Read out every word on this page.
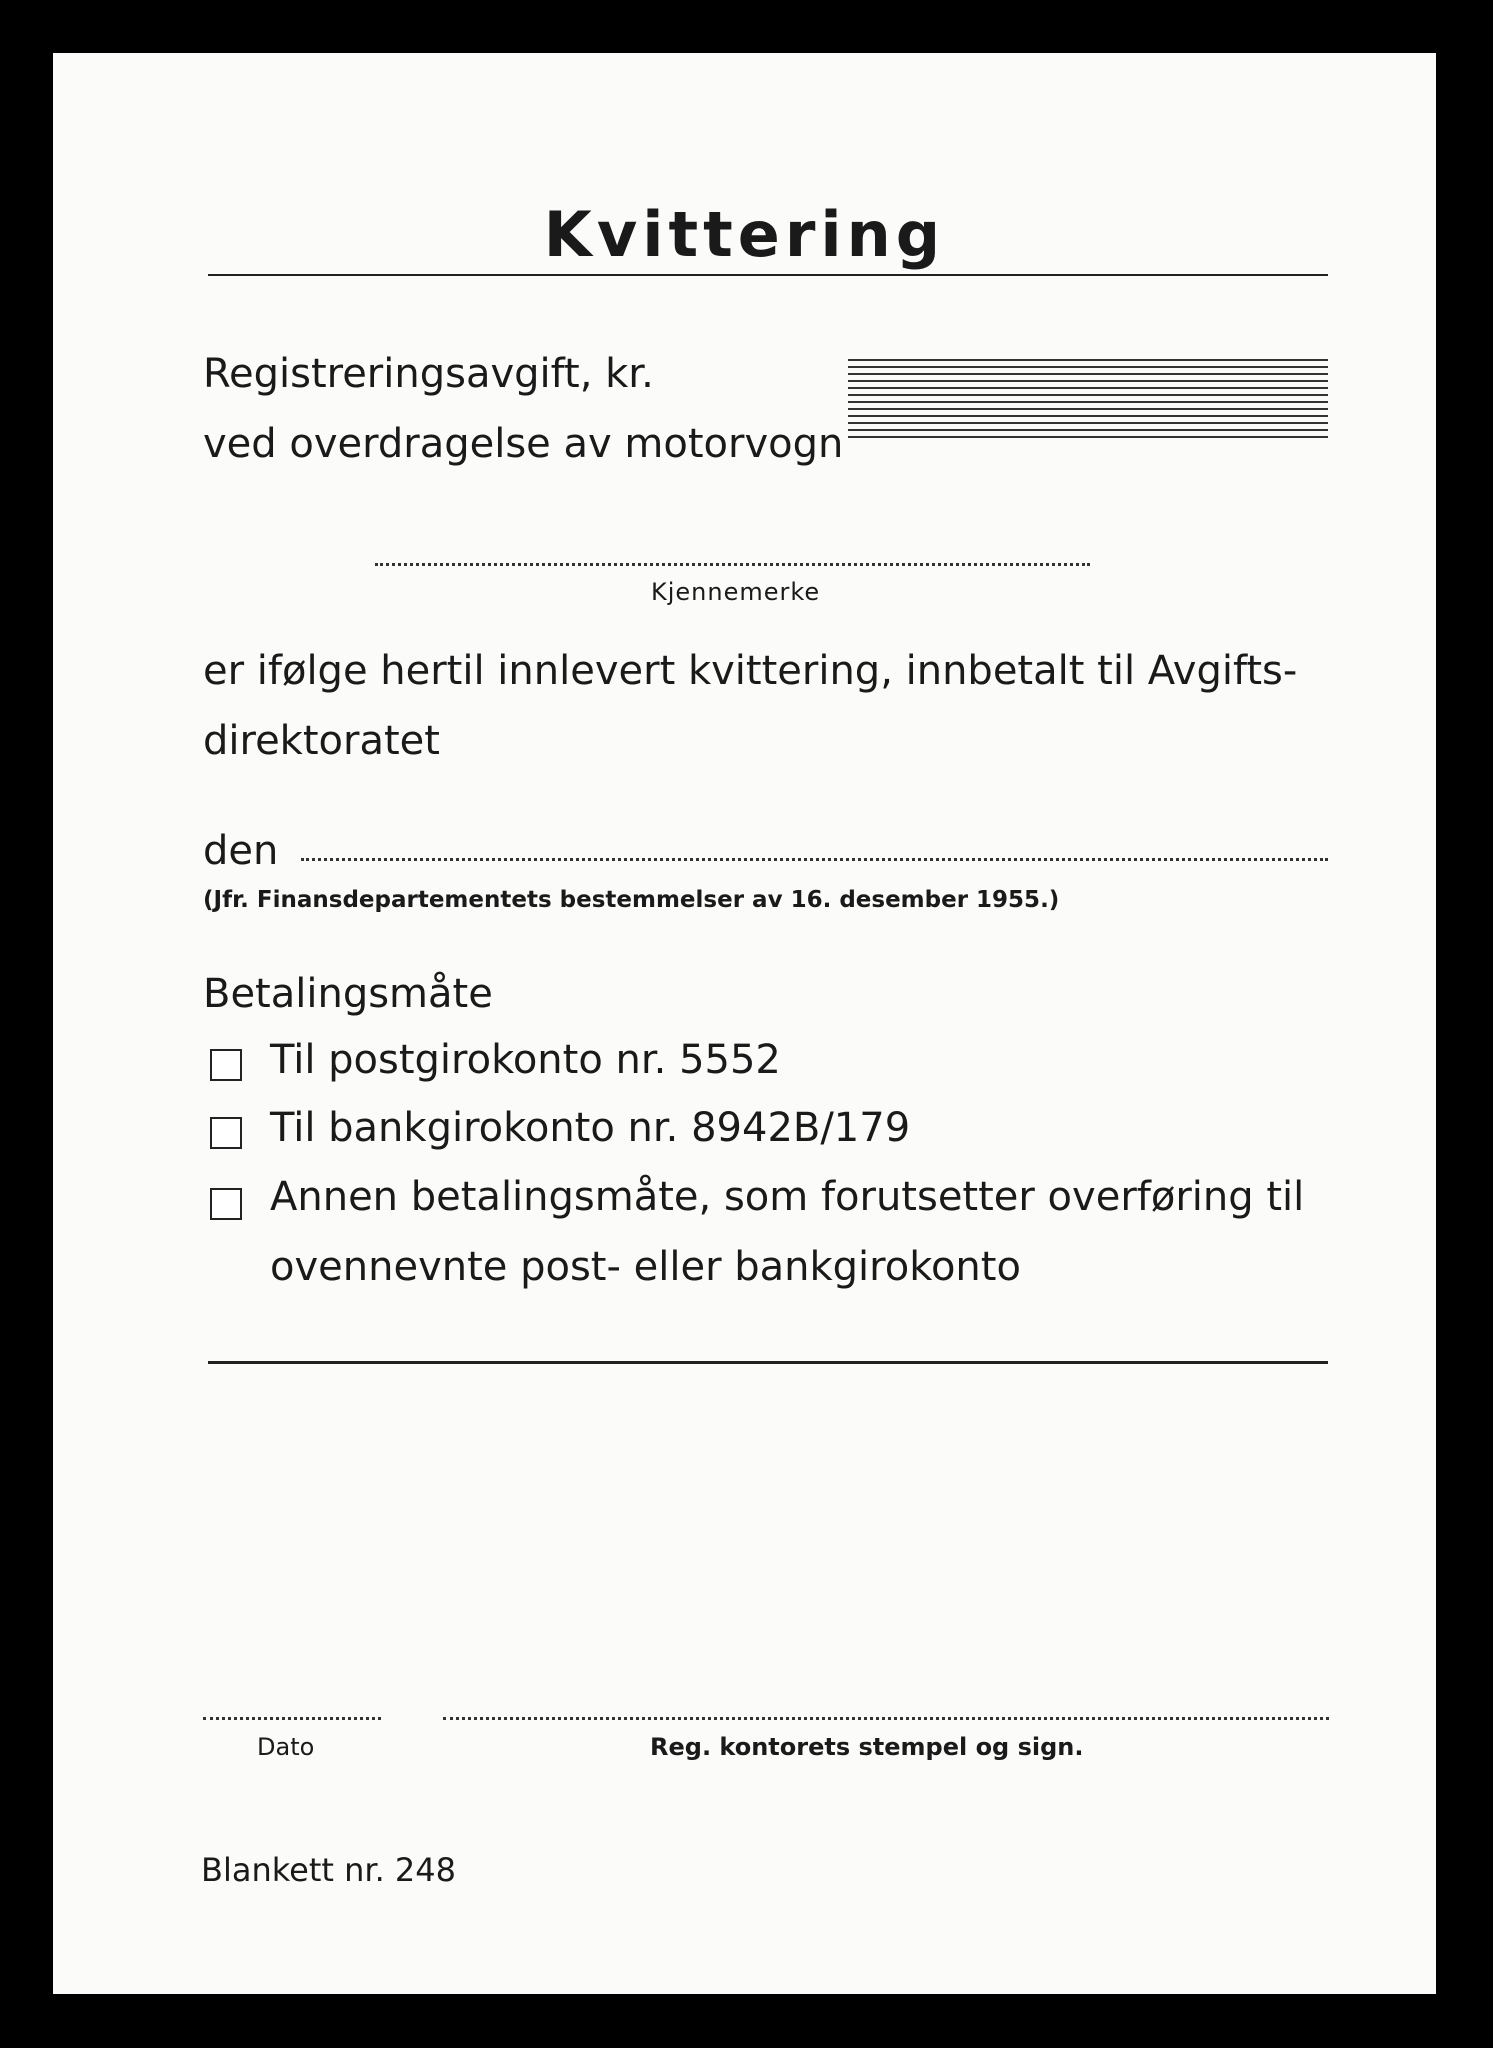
Kvittering
Registreringsavgift, kr.
ved overdragelse av motorvogn
Kjennemerke
er ifølge hertil innlevert kvittering, innbetalt til Avgifts-
direktoratet
den
(Jfr. Finansdepartementets bestemmelser av 16. desember 1955.)
Betalingsmåte
Til postgirokonto nr. 5552
Til bankgirokonto nr. 8942B/179
Annen betalingsmåte, som forutsetter overføring til
ovennevnte post- eller bankgirokonto
Dato	Reg. kontorets stempel og sign.
Blankett nr. 248
